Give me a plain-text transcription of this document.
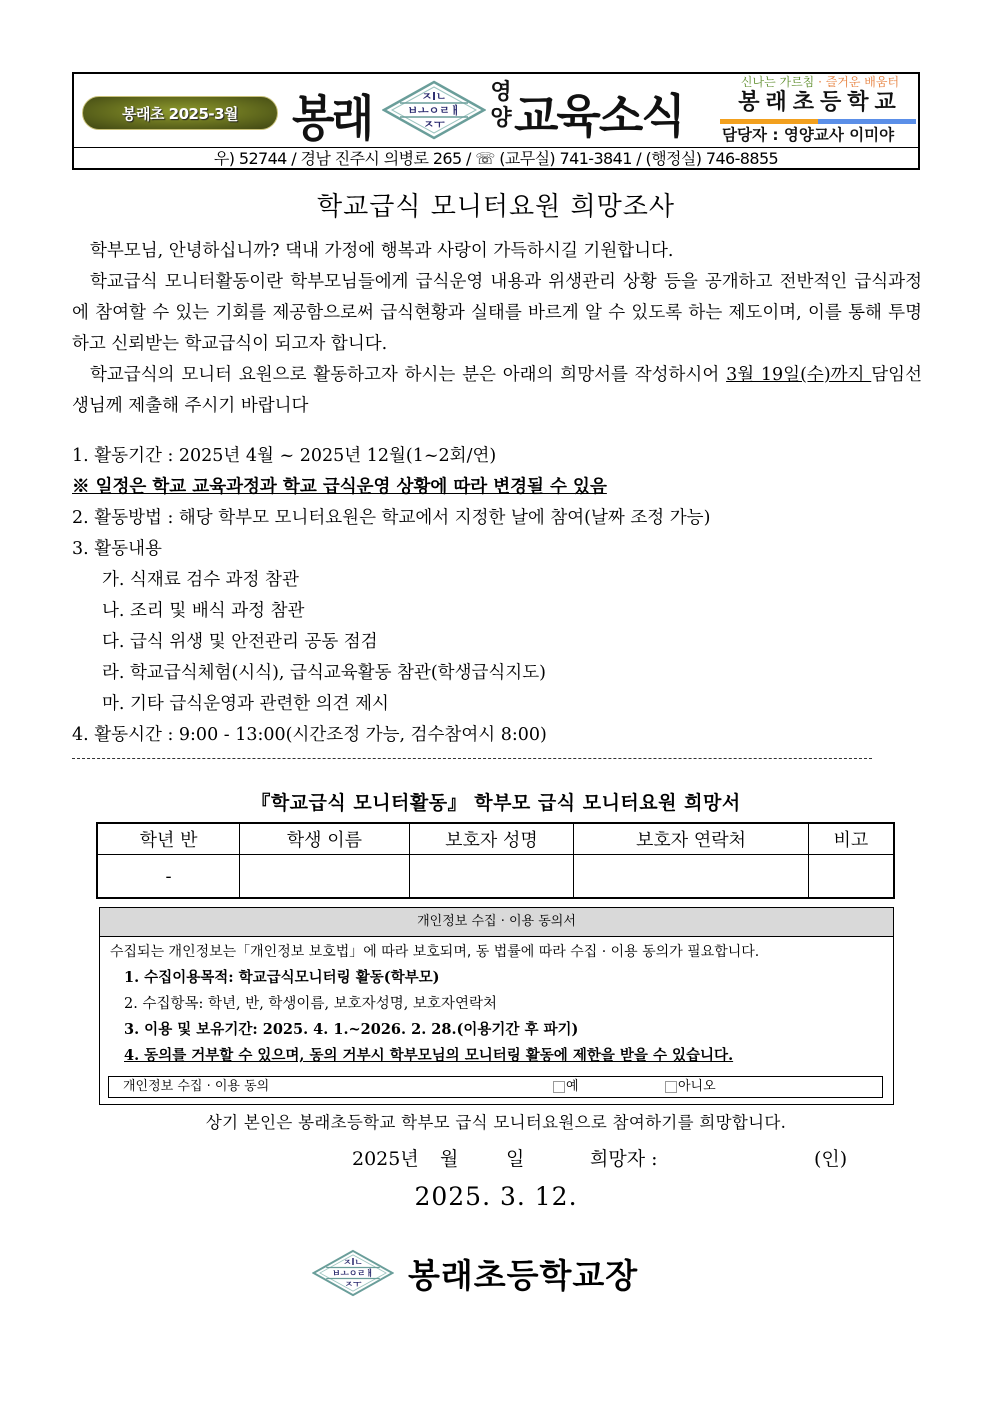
봉래초 2025-3월	봉래	ㅈlㄴ
ㅂㅗㅇㄹㅐ
ㅈㅜ
영양 교육소식
신나는 가르침 · 즐거운 배움터
봉래초등학교
담당자 : 영양교사 이미야
우) 52744 / 경남 진주시 의병로 265 / ☏ (교무실) 741-3841 / (행정실) 746-8855
학교급식 모니터요원 희망조사
학부모님, 안녕하십니까? 댁내 가정에 행복과 사랑이 가득하시길 기원합니다.
학교급식 모니터활동이란 학부모님들에게 급식운영 내용과 위생관리 상황 등을 공개하고 전반적인 급식과정에 참여할 수 있는 기회를 제공함으로써 급식현황과 실태를 바르게 알 수 있도록 하는 제도이며, 이를 통해 투명하고 신뢰받는 학교급식이 되고자 합니다.
학교급식의 모니터 요원으로 활동하고자 하시는 분은 아래의 희망서를 작성하시어 3월 19일(수)까지 담임선생님께 제출해 주시기 바랍니다
1. 활동기간 : 2025년 4월 ~ 2025년 12월(1~2회/연)
※ 일정은 학교 교육과정과 학교 급식운영 상황에 따라 변경될 수 있음
2. 활동방법 : 해당 학부모 모니터요원은 학교에서 지정한 날에 참여(날짜 조정 가능)
3. 활동내용
가. 식재료 검수 과정 참관
나. 조리 및 배식 과정 참관
다. 급식 위생 및 안전관리 공동 점검
라. 학교급식체험(시식), 급식교육활동 참관(학생급식지도)
마. 기타 급식운영과 관련한 의견 제시
4. 활동시간 : 9:00 - 13:00(시간조정 가능, 검수참여시 8:00)
『학교급식 모니터활동』 학부모 급식 모니터요원 희망서
학년 반	학생 이름	보호자 성명	보호자 연락처	비고
-				
개인정보 수집 · 이용 동의서
수집되는 개인정보는「개인정보 보호법」에 따라 보호되며, 동 법률에 따라 수집 · 이용 동의가 필요합니다.
1. 수집이용목적: 학교급식모니터링 활동(학부모)
2. 수집항목: 학년, 반, 학생이름, 보호자성명, 보호자연락처
3. 이용 및 보유기간: 2025. 4. 1.~2026. 2. 28.(이용기간 후 파기)
4. 동의를 거부할 수 있으며, 동의 거부시 학부모님의 모니터링 활동에 제한을 받을 수 있습니다.
개인정보 수집 · 이용 동의	예	아니오
상기 본인은 봉래초등학교 학부모 급식 모니터요원으로 참여하기를 희망합니다.
2025년 월	일	희망자 :	(인)
2025. 3. 12.
ㅈlㄴ
ㅂㅗㅇㄹㅐ
ㅈㅜ 봉래초등학교장
